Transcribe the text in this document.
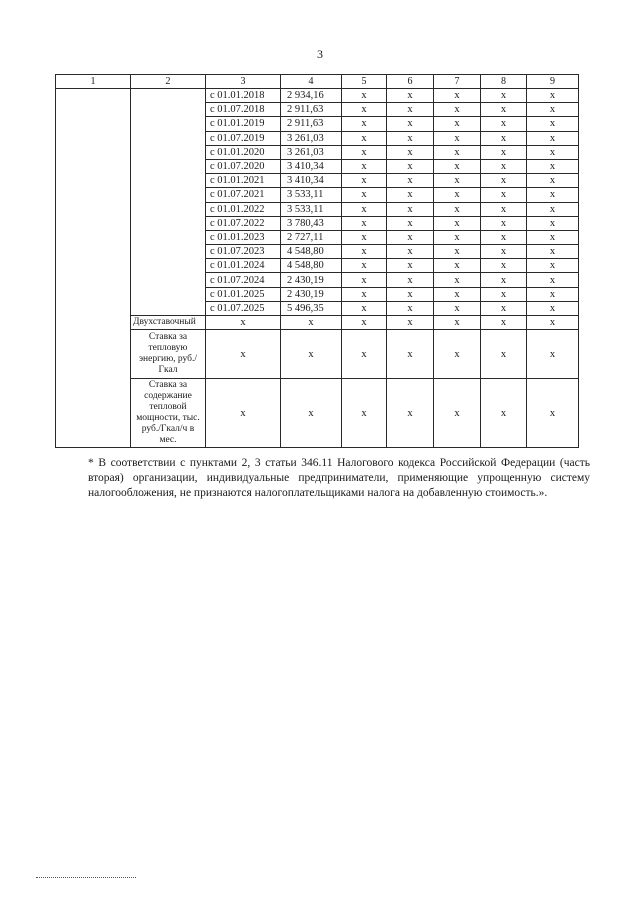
3
1	2	3	4	5	6	7	8	9
		с 01.01.2018	2 934,16	x	x	x	x	x
		с 01.07.2018	2 911,63	x	x	x	x	x
		с 01.01.2019	2 911,63	x	x	x	x	x
		с 01.07.2019	3 261,03	x	x	x	x	x
		с 01.01.2020	3 261,03	x	x	x	x	x
		с 01.07.2020	3 410,34	x	x	x	x	x
		с 01.01.2021	3 410,34	x	x	x	x	x
		с 01.07.2021	3 533,11	x	x	x	x	x
		с 01.01.2022	3 533,11	x	x	x	x	x
		с 01.07.2022	3 780,43	x	x	x	x	x
		с 01.01.2023	2 727,11	x	x	x	x	x
		с 01.07.2023	4 548,80	x	x	x	x	x
		с 01.01.2024	4 548,80	x	x	x	x	x
		с 01.07.2024	2 430,19	x	x	x	x	x
		с 01.01.2025	2 430,19	x	x	x	x	x
		с 01.07.2025	5 496,35	x	x	x	x	x
	Двухставочный	x	x	x	x	x	x	x
	Ставка за тепловую энергию, руб./Гкал	x	x	x	x	x	x	x
	Ставка за содержание тепловой мощности, тыс. руб./Гкал/ч в мес.	x	x	x	x	x	x	x

* В соответствии с пунктами 2, 3 статьи 346.11 Налогового кодекса Российской Федерации (часть вторая) организации, индивидуальные предприниматели, применяющие упрощенную систему налогообложения, не признаются налогоплательщиками налога на добавленную стоимость.».
